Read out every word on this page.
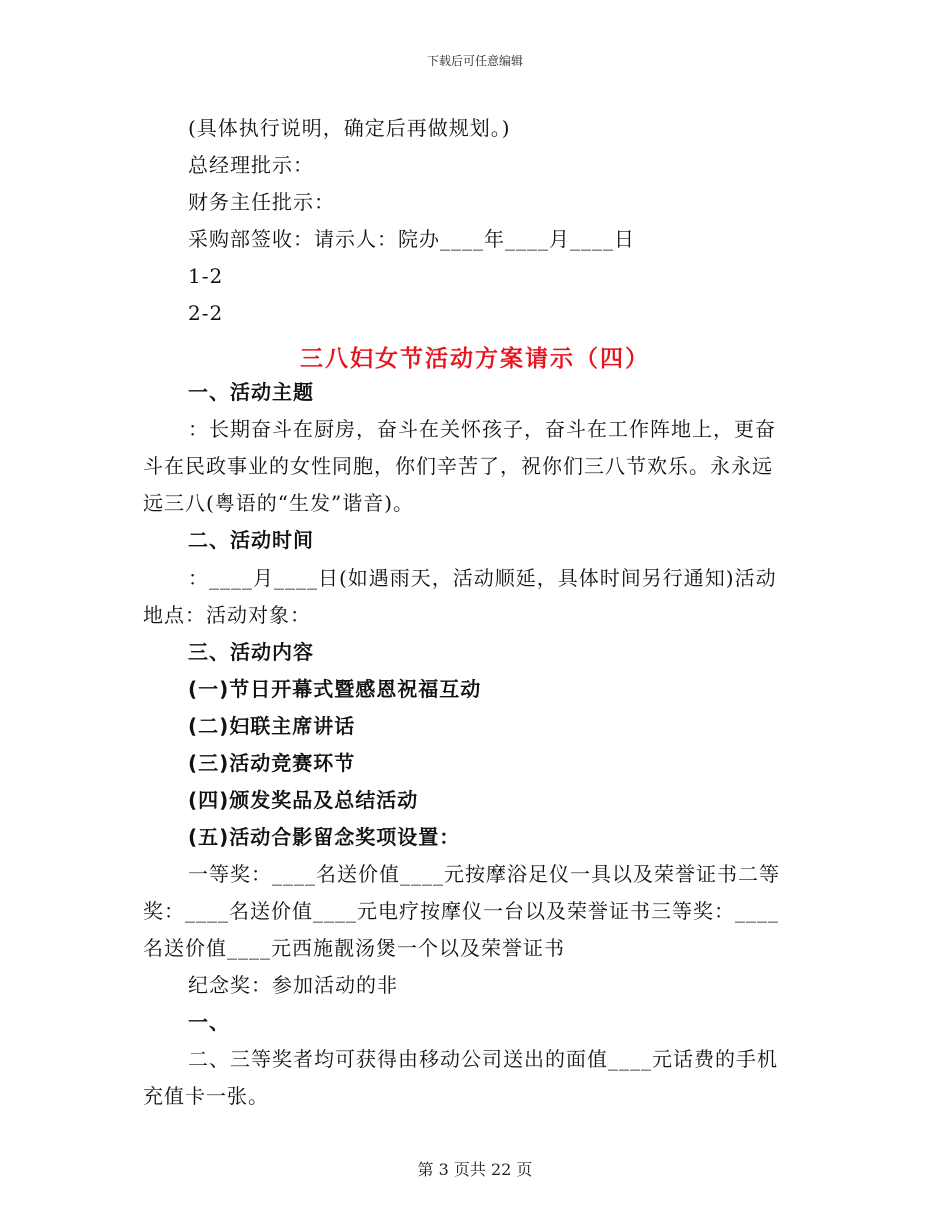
下载后可任意编辑
(具体执行说明，确定后再做规划。)
总经理批示：
财务主任批示：
采购部签收：请示人：院办____年____月____日
1-2
2-2
三八妇女节活动方案请示（四）
一、活动主题
：长期奋斗在厨房，奋斗在关怀孩子，奋斗在工作阵地上，更奋
斗在民政事业的女性同胞，你们辛苦了，祝你们三八节欢乐。永永远
远三八(粤语的“生发”谐音)。
二、活动时间
：____月____日(如遇雨天，活动顺延，具体时间另行通知)活动
地点：活动对象：
三、活动内容
(一)节日开幕式暨感恩祝福互动
(二)妇联主席讲话
(三)活动竞赛环节
(四)颁发奖品及总结活动
(五)活动合影留念奖项设置：
一等奖：____名送价值____元按摩浴足仪一具以及荣誉证书二等
奖：____名送价值____元电疗按摩仪一台以及荣誉证书三等奖：____
名送价值____元西施靓汤煲一个以及荣誉证书
纪念奖：参加活动的非
一、
二、三等奖者均可获得由移动公司送出的面值____元话费的手机
充值卡一张。
第 3 页共 22 页
